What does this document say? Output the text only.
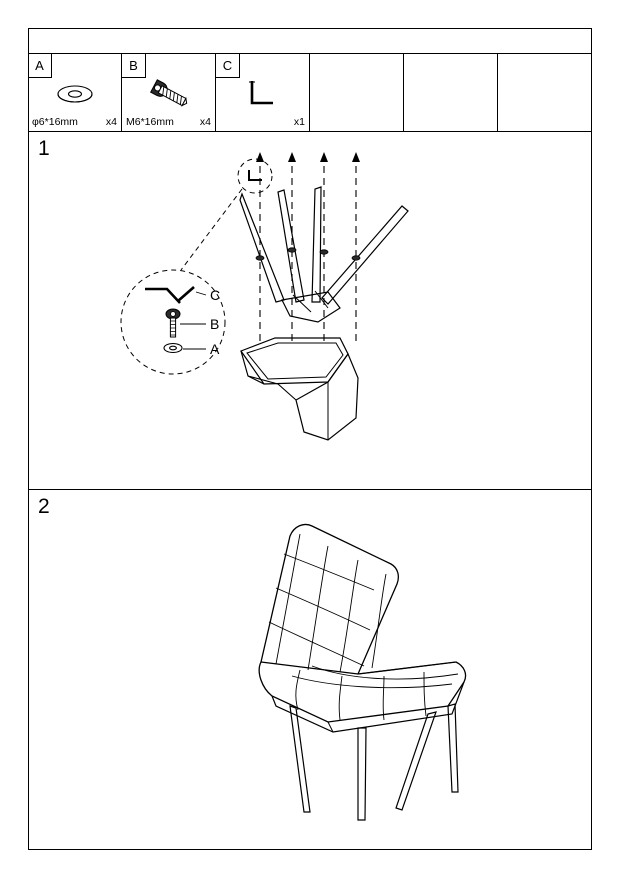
A
φ6*16mm	x4
B
M6*16mm x4
C
x1
1
C
B
A
2
